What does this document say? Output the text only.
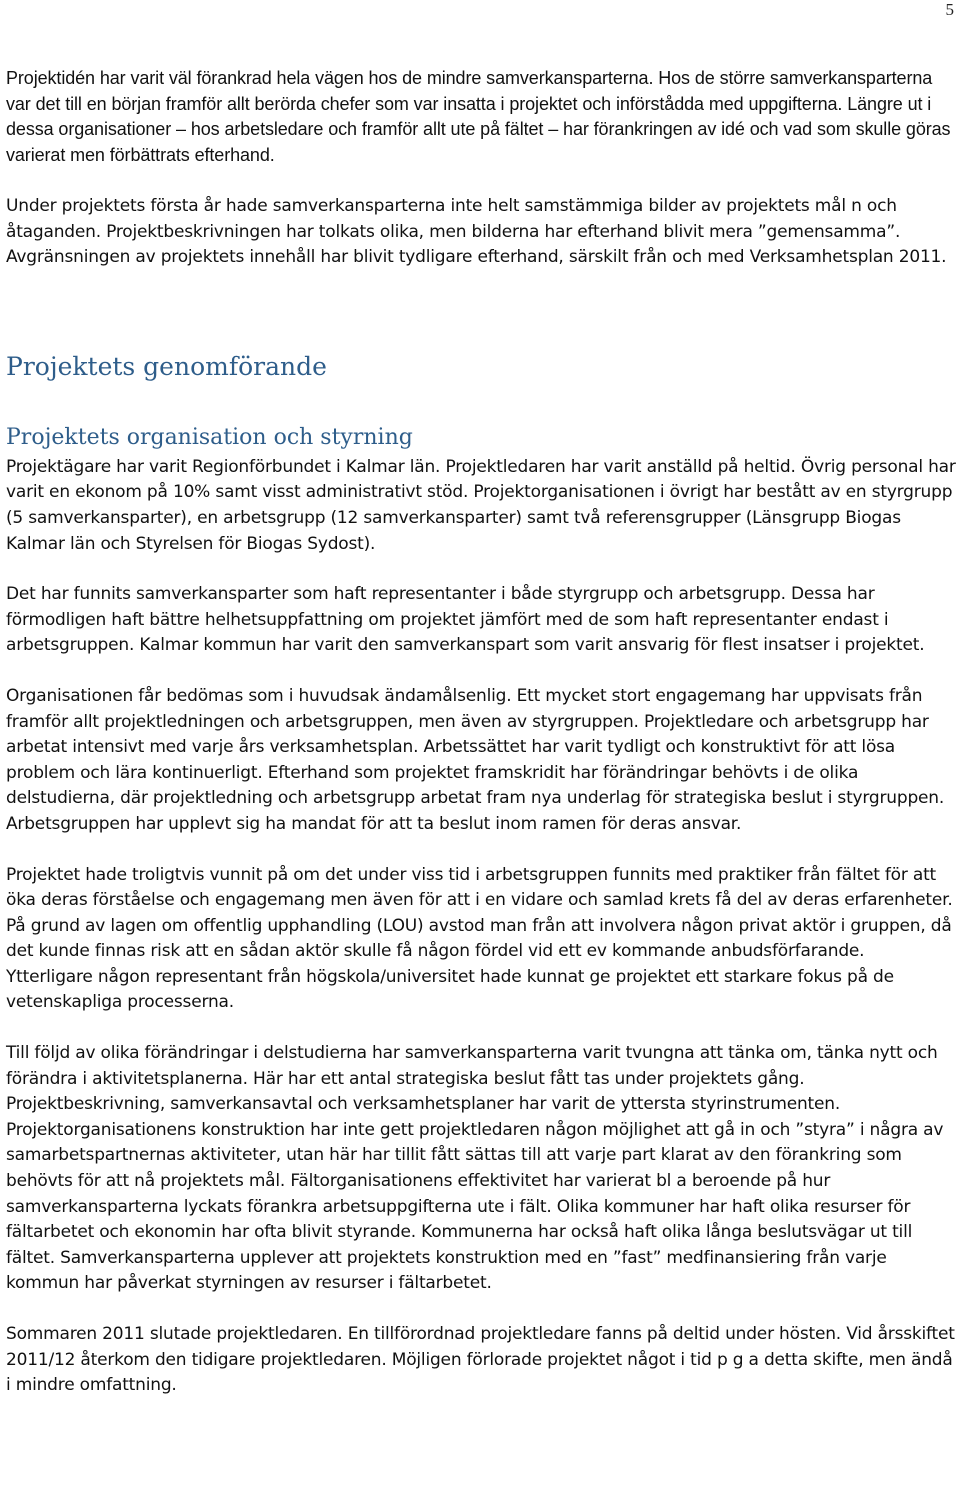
5

Projektidén har varit väl förankrad hela vägen hos de mindre samverkansparterna. Hos de större samverkansparterna var det till en början framför allt berörda chefer som var insatta i projektet och införstådda med uppgifterna. Längre ut i dessa organisationer – hos arbetsledare och framför allt ute på fältet – har förankringen av idé och vad som skulle göras varierat men förbättrats efterhand.

Under projektets första år hade samverkansparterna inte helt samstämmiga bilder av projektets mål n och åtaganden. Projektbeskrivningen har tolkats olika, men bilderna har efterhand blivit mera ”gemensamma”. Avgränsningen av projektets innehåll har blivit tydligare efterhand, särskilt från och med Verksamhetsplan 2011.

Projektets genomförande
Projektets organisation och styrning

Projektägare har varit Regionförbundet i Kalmar län. Projektledaren har varit anställd på heltid. Övrig personal har varit en ekonom på 10% samt visst administrativt stöd. Projektorganisationen i övrigt har bestått av en styrgrupp (5 samverkansparter), en arbetsgrupp (12 samverkansparter) samt två referensgrupper (Länsgrupp Biogas Kalmar län och Styrelsen för Biogas Sydost).

Det har funnits samverkansparter som haft representanter i både styrgrupp och arbetsgrupp. Dessa har förmodligen haft bättre helhetsuppfattning om projektet jämfört med de som haft representanter endast i arbetsgruppen. Kalmar kommun har varit den samverkanspart som varit ansvarig för flest insatser i projektet.

Organisationen får bedömas som i huvudsak ändamålsenlig. Ett mycket stort engagemang har uppvisats från framför allt projektledningen och arbetsgruppen, men även av styrgruppen. Projektledare och arbetsgrupp har arbetat intensivt med varje års verksamhetsplan. Arbetssättet har varit tydligt och konstruktivt för att lösa problem och lära kontinuerligt. Efterhand som projektet framskridit har förändringar behövts i de olika delstudierna, där projektledning och arbetsgrupp arbetat fram nya underlag för strategiska beslut i styrgruppen. Arbetsgruppen har upplevt sig ha mandat för att ta beslut inom ramen för deras ansvar.

Projektet hade troligtvis vunnit på om det under viss tid i arbetsgruppen funnits med praktiker från fältet för att öka deras förståelse och engagemang men även för att i en vidare och samlad krets få del av deras erfarenheter. På grund av lagen om offentlig upphandling (LOU) avstod man från att involvera någon privat aktör i gruppen, då det kunde finnas risk att en sådan aktör skulle få någon fördel vid ett ev kommande anbudsförfarande. Ytterligare någon representant från högskola/universitet hade kunnat ge projektet ett starkare fokus på de vetenskapliga processerna.

Till följd av olika förändringar i delstudierna har samverkansparterna varit tvungna att tänka om, tänka nytt och förändra i aktivitetsplanerna. Här har ett antal strategiska beslut fått tas under projektets gång. Projektbeskrivning, samverkansavtal och verksamhetsplaner har varit de yttersta styrinstrumenten. Projektorganisationens konstruktion har inte gett projektledaren någon möjlighet att gå in och ”styra” i några av samarbetspartnernas aktiviteter, utan här har tillit fått sättas till att varje part klarat av den förankring som behövts för att nå projektets mål. Fältorganisationens effektivitet har varierat bl a beroende på hur samverkansparterna lyckats förankra arbetsuppgifterna ute i fält. Olika kommuner har haft olika resurser för fältarbetet och ekonomin har ofta blivit styrande. Kommunerna har också haft olika långa beslutsvägar ut till fältet. Samverkansparterna upplever att projektets konstruktion med en ”fast” medfinansiering från varje kommun har påverkat styrningen av resurser i fältarbetet.

Sommaren 2011 slutade projektledaren. En tillförordnad projektledare fanns på deltid under hösten. Vid årsskiftet 2011/12 återkom den tidigare projektledaren. Möjligen förlorade projektet något i tid p g a detta skifte, men ändå i mindre omfattning.
